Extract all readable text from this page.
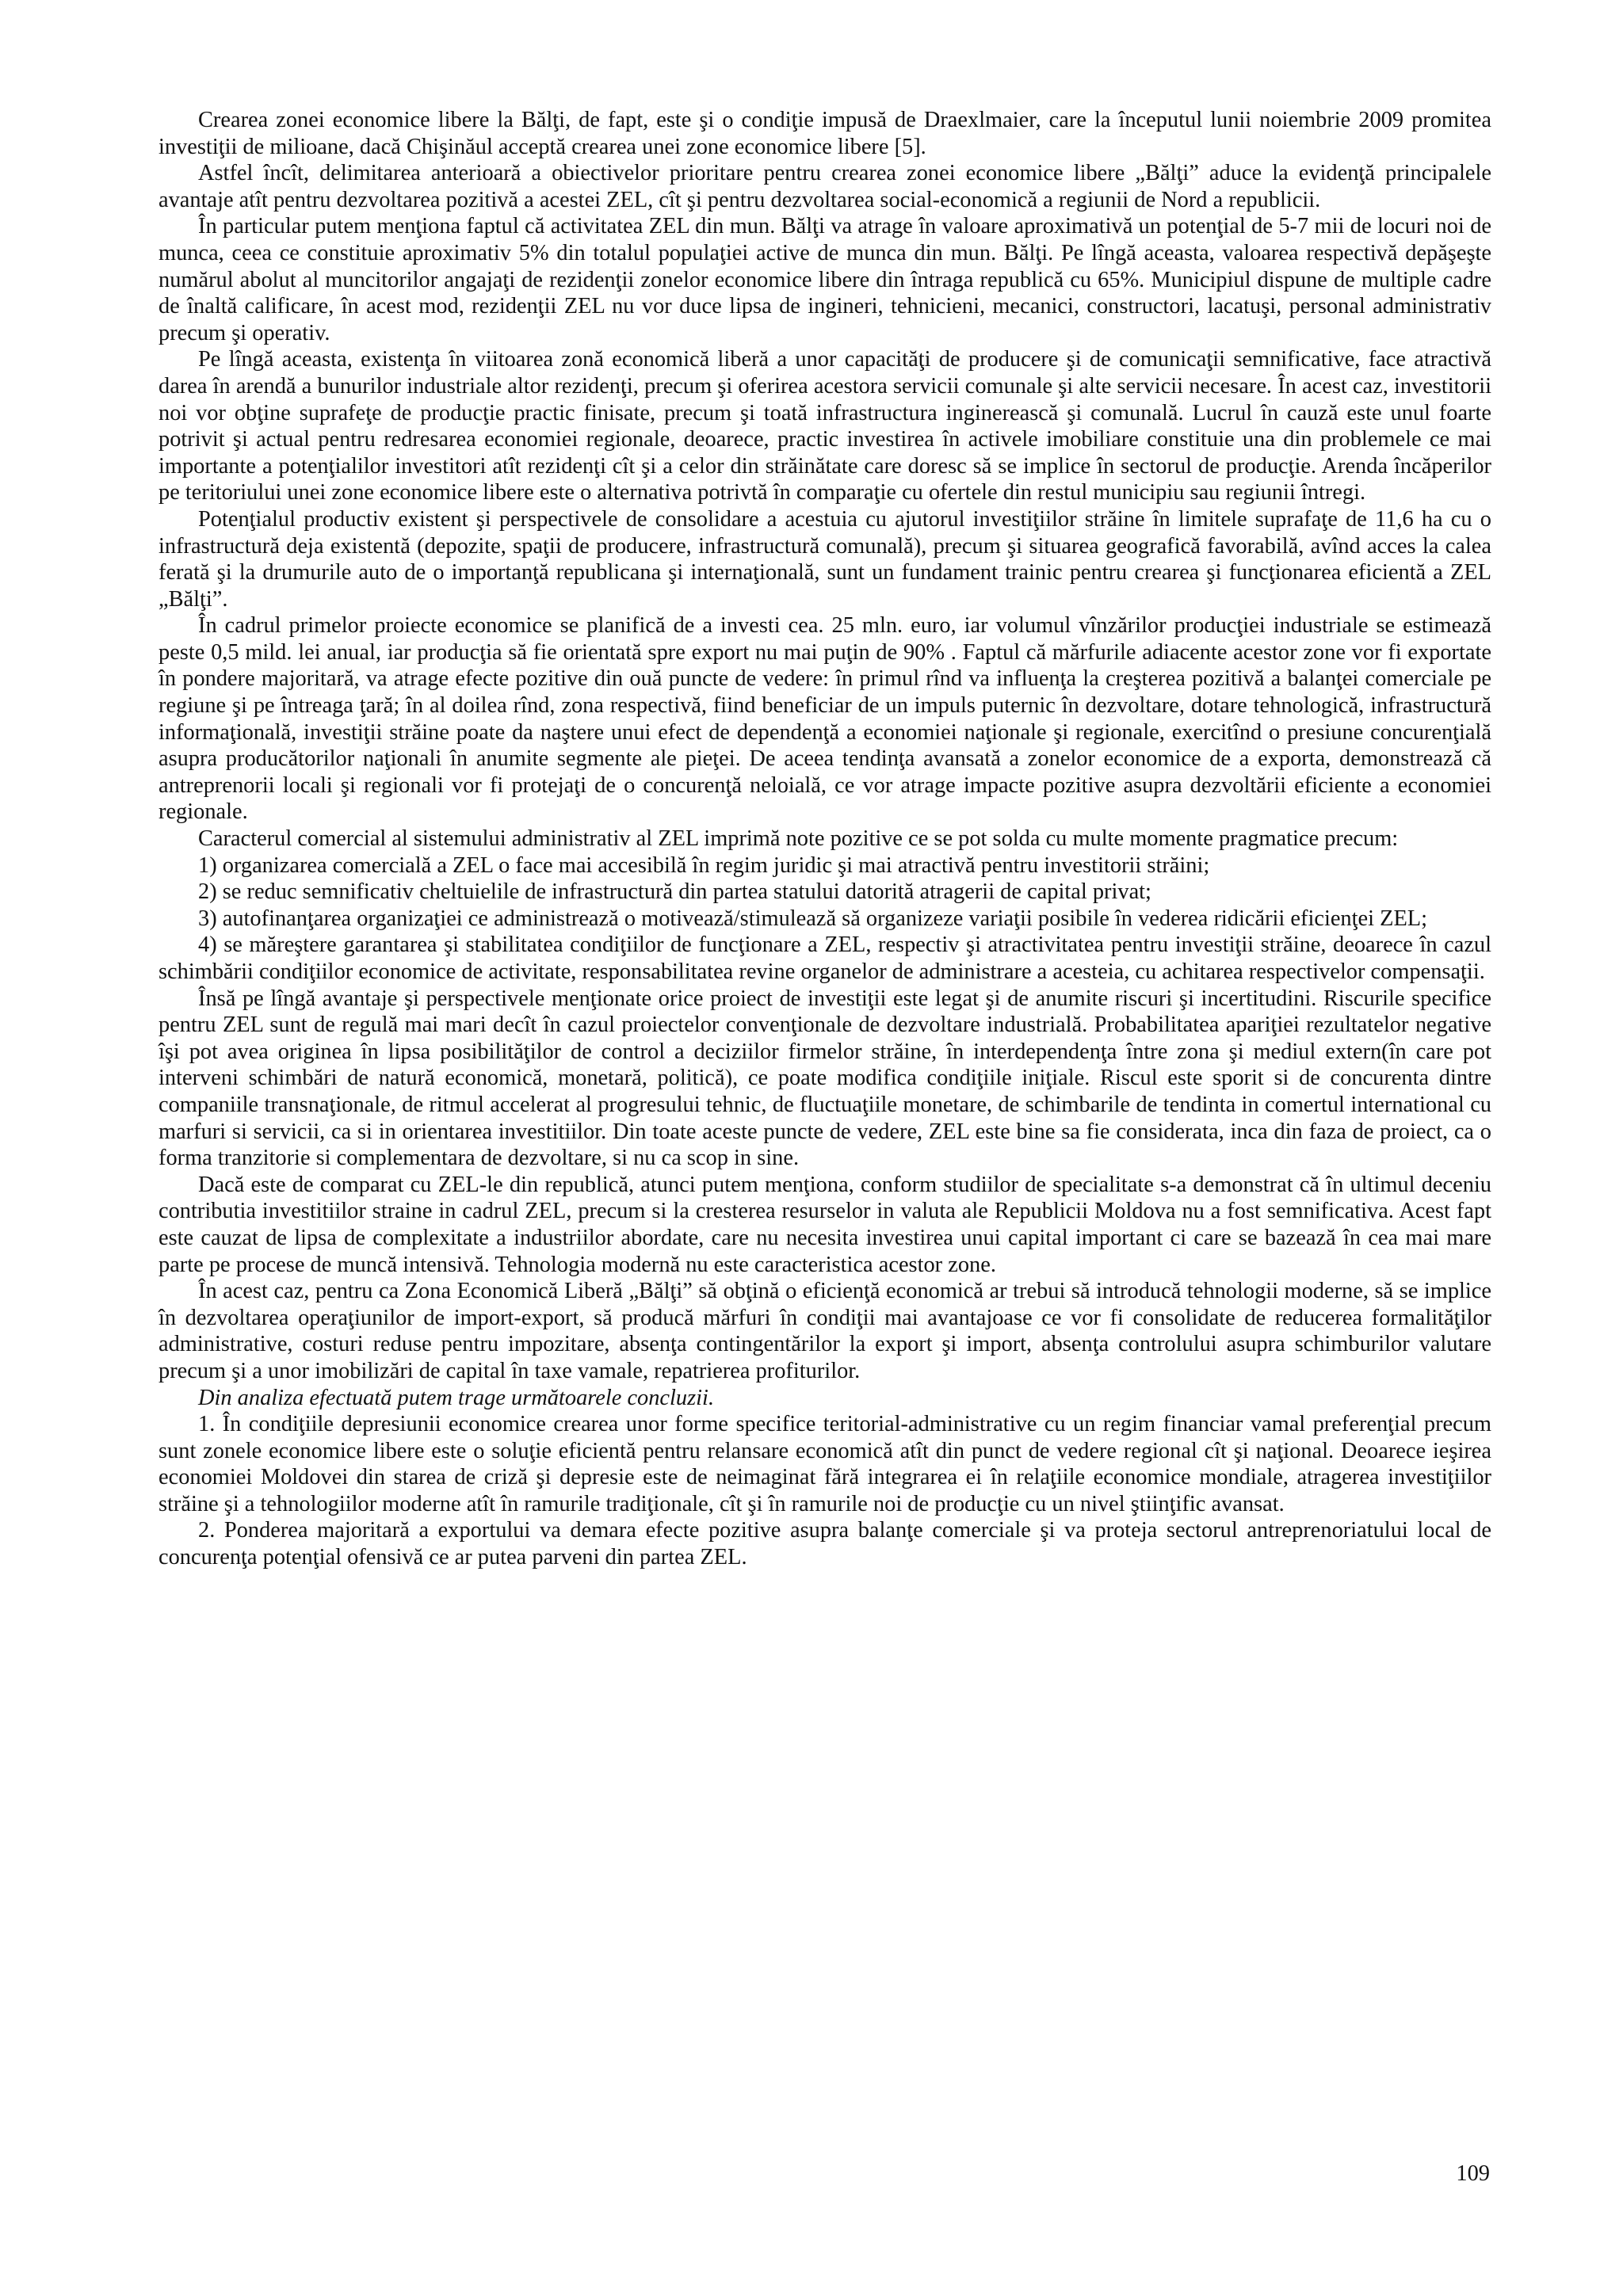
Crearea zonei economice libere la Bălţi, de fapt, este şi o condiţie impusă de Draexlmaier, care la începutul lunii noiembrie 2009 promitea investiţii de milioane, dacă Chişinăul acceptă crearea unei zone economice libere [5].

Astfel încît, delimitarea anterioară a obiectivelor prioritare pentru crearea zonei economice libere „Bălţi” aduce la evidenţă principalele avantaje atît pentru dezvoltarea pozitivă a acestei ZEL, cît şi pentru dezvoltarea social-economică a regiunii de Nord a republicii.

În particular putem menţiona faptul că activitatea ZEL din mun. Bălţi va atrage în valoare aproximativă un potenţial de 5-7 mii de locuri noi de munca, ceea ce constituie aproximativ 5% din totalul populaţiei active de munca din mun. Bălţi. Pe lîngă aceasta, valoarea respectivă depăşeşte numărul abolut al muncitorilor angajaţi de rezidenţii zonelor economice libere din întraga republică cu 65%. Municipiul dispune de multiple cadre de înaltă calificare, în acest mod, rezidenţii ZEL nu vor duce lipsa de ingineri, tehnicieni, mecanici, constructori, lacatuşi, personal administrativ precum şi operativ.

Pe lîngă aceasta, existenţa în viitoarea zonă economică liberă a unor capacităţi de producere şi de comunicaţii semnificative, face atractivă darea în arendă a bunurilor industriale altor rezidenţi, precum şi oferirea acestora servicii comunale şi alte servicii necesare. În acest caz, investitorii noi vor obţine suprafeţe de producţie practic finisate, precum şi toată infrastructura inginerească şi comunală. Lucrul în cauză este unul foarte potrivit şi actual pentru redresarea economiei regionale, deoarece, practic investirea în activele imobiliare constituie una din problemele ce mai importante a potenţialilor investitori atît rezidenţi cît şi a celor din străinătate care doresc să se implice în sectorul de producţie. Arenda încăperilor pe teritoriului unei zone economice libere este o alternativa potrivtă în comparaţie cu ofertele din restul municipiu sau regiunii întregi.

Potenţialul productiv existent şi perspectivele de consolidare a acestuia cu ajutorul investiţiilor străine în limitele suprafaţe de 11,6 ha cu o infrastructură deja existentă (depozite, spaţii de producere, infrastructură comunală), precum şi situarea geografică favorabilă, avînd acces la calea ferată şi la drumurile auto de o importanţă republicana şi internaţională, sunt un fundament trainic pentru crearea şi funcţionarea eficientă a ZEL „Bălţi”.

În cadrul primelor proiecte economice se planifică de a investi cea. 25 mln. euro, iar volumul vînzărilor producţiei industriale se estimează peste 0,5 mild. lei anual, iar producţia să fie orientată spre export nu mai puţin de 90% . Faptul că mărfurile adiacente acestor zone vor fi exportate în pondere majoritară, va atrage efecte pozitive din ouă puncte de vedere: în primul rînd va influenţa la creşterea pozitivă a balanţei comerciale pe regiune şi pe întreaga ţară; în al doilea rînd, zona respectivă, fiind beneficiar de un impuls puternic în dezvoltare, dotare tehnologică, infrastructură informaţională, investiţii străine poate da naştere unui efect de dependenţă a economiei naţionale şi regionale, exercitînd o presiune concurenţială asupra producătorilor naţionali în anumite segmente ale pieţei. De aceea tendinţa avansată a zonelor economice de a exporta, demonstrează că antreprenorii locali şi regionali vor fi protejaţi de o concurenţă neloială, ce vor atrage impacte pozitive asupra dezvoltării eficiente a economiei regionale.

Caracterul comercial al sistemului administrativ al ZEL imprimă note pozitive ce se pot solda cu multe momente pragmatice precum:

1) organizarea comercială a ZEL o face mai accesibilă în regim juridic şi mai atractivă pentru investitorii străini;

2) se reduc semnificativ cheltuielile de infrastructură din partea statului datorită atragerii de capital privat;

3) autofinanţarea organizaţiei ce administrează o motivează/stimulează să organizeze variaţii posibile în vederea ridicării eficienţei ZEL;

4) se măreştere garantarea şi stabilitatea condiţiilor de funcţionare a ZEL, respectiv şi atractivitatea pentru investiţii străine, deoarece în cazul schimbării condiţiilor economice de activitate, responsabilitatea revine organelor de administrare a acesteia, cu achitarea respectivelor compensaţii.

Însă pe lîngă avantaje şi perspectivele menţionate orice proiect de investiţii este legat şi de anumite riscuri şi incertitudini. Riscurile specifice pentru ZEL sunt de regulă mai mari decît în cazul proiectelor convenţionale de dezvoltare industrială. Probabilitatea apariţiei rezultatelor negative îşi pot avea originea în lipsa posibilităţilor de control a deciziilor firmelor străine, în interdependenţa între zona şi mediul extern(în care pot interveni schimbări de natură economică, monetară, politică), ce poate modifica condiţiile iniţiale. Riscul este sporit si de concurenta dintre companiile transnaţionale, de ritmul accelerat al progresului tehnic, de fluctuaţiile monetare, de schimbarile de tendinta in comertul international cu marfuri si servicii, ca si in orientarea investitiilor. Din toate aceste puncte de vedere, ZEL este bine sa fie considerata, inca din faza de proiect, ca o forma tranzitorie si complementara de dezvoltare, si nu ca scop in sine.

Dacă este de comparat cu ZEL-le din republică, atunci putem menţiona, conform studiilor de specialitate s-a demonstrat că în ultimul deceniu contributia investitiilor straine in cadrul ZEL, precum si la cresterea resurselor in valuta ale Republicii Moldova nu a fost semnificativa. Acest fapt este cauzat de lipsa de complexitate a industriilor abordate, care nu necesita investirea unui capital important ci care se bazează în cea mai mare parte pe procese de muncă intensivă. Tehnologia modernă nu este caracteristica acestor zone.

În acest caz, pentru ca Zona Economică Liberă „Bălţi” să obţină o eficienţă economică ar trebui să introducă tehnologii moderne, să se implice în dezvoltarea operaţiunilor de import-export, să producă mărfuri în condiţii mai avantajoase ce vor fi consolidate de reducerea formalităţilor administrative, costuri reduse pentru impozitare, absenţa contingentărilor la export şi import, absenţa controlului asupra schimburilor valutare precum şi a unor imobilizări de capital în taxe vamale, repatrierea profiturilor.

Din analiza efectuată putem trage următoarele concluzii.

1. În condiţiile depresiunii economice crearea unor forme specifice teritorial-administrative cu un regim financiar vamal preferenţial precum sunt zonele economice libere este o soluţie eficientă pentru relansare economică atît din punct de vedere regional cît şi naţional. Deoarece ieşirea economiei Moldovei din starea de criză şi depresie este de neimaginat fără integrarea ei în relaţiile economice mondiale, atragerea investiţiilor străine şi a tehnologiilor moderne atît în ramurile tradiţionale, cît şi în ramurile noi de producţie cu un nivel ştiinţific avansat.

2. Ponderea majoritară a exportului va demara efecte pozitive asupra balanţe comerciale şi va proteja sectorul antreprenoriatului local de concurenţa potenţial ofensivă ce ar putea parveni din partea ZEL.

109
